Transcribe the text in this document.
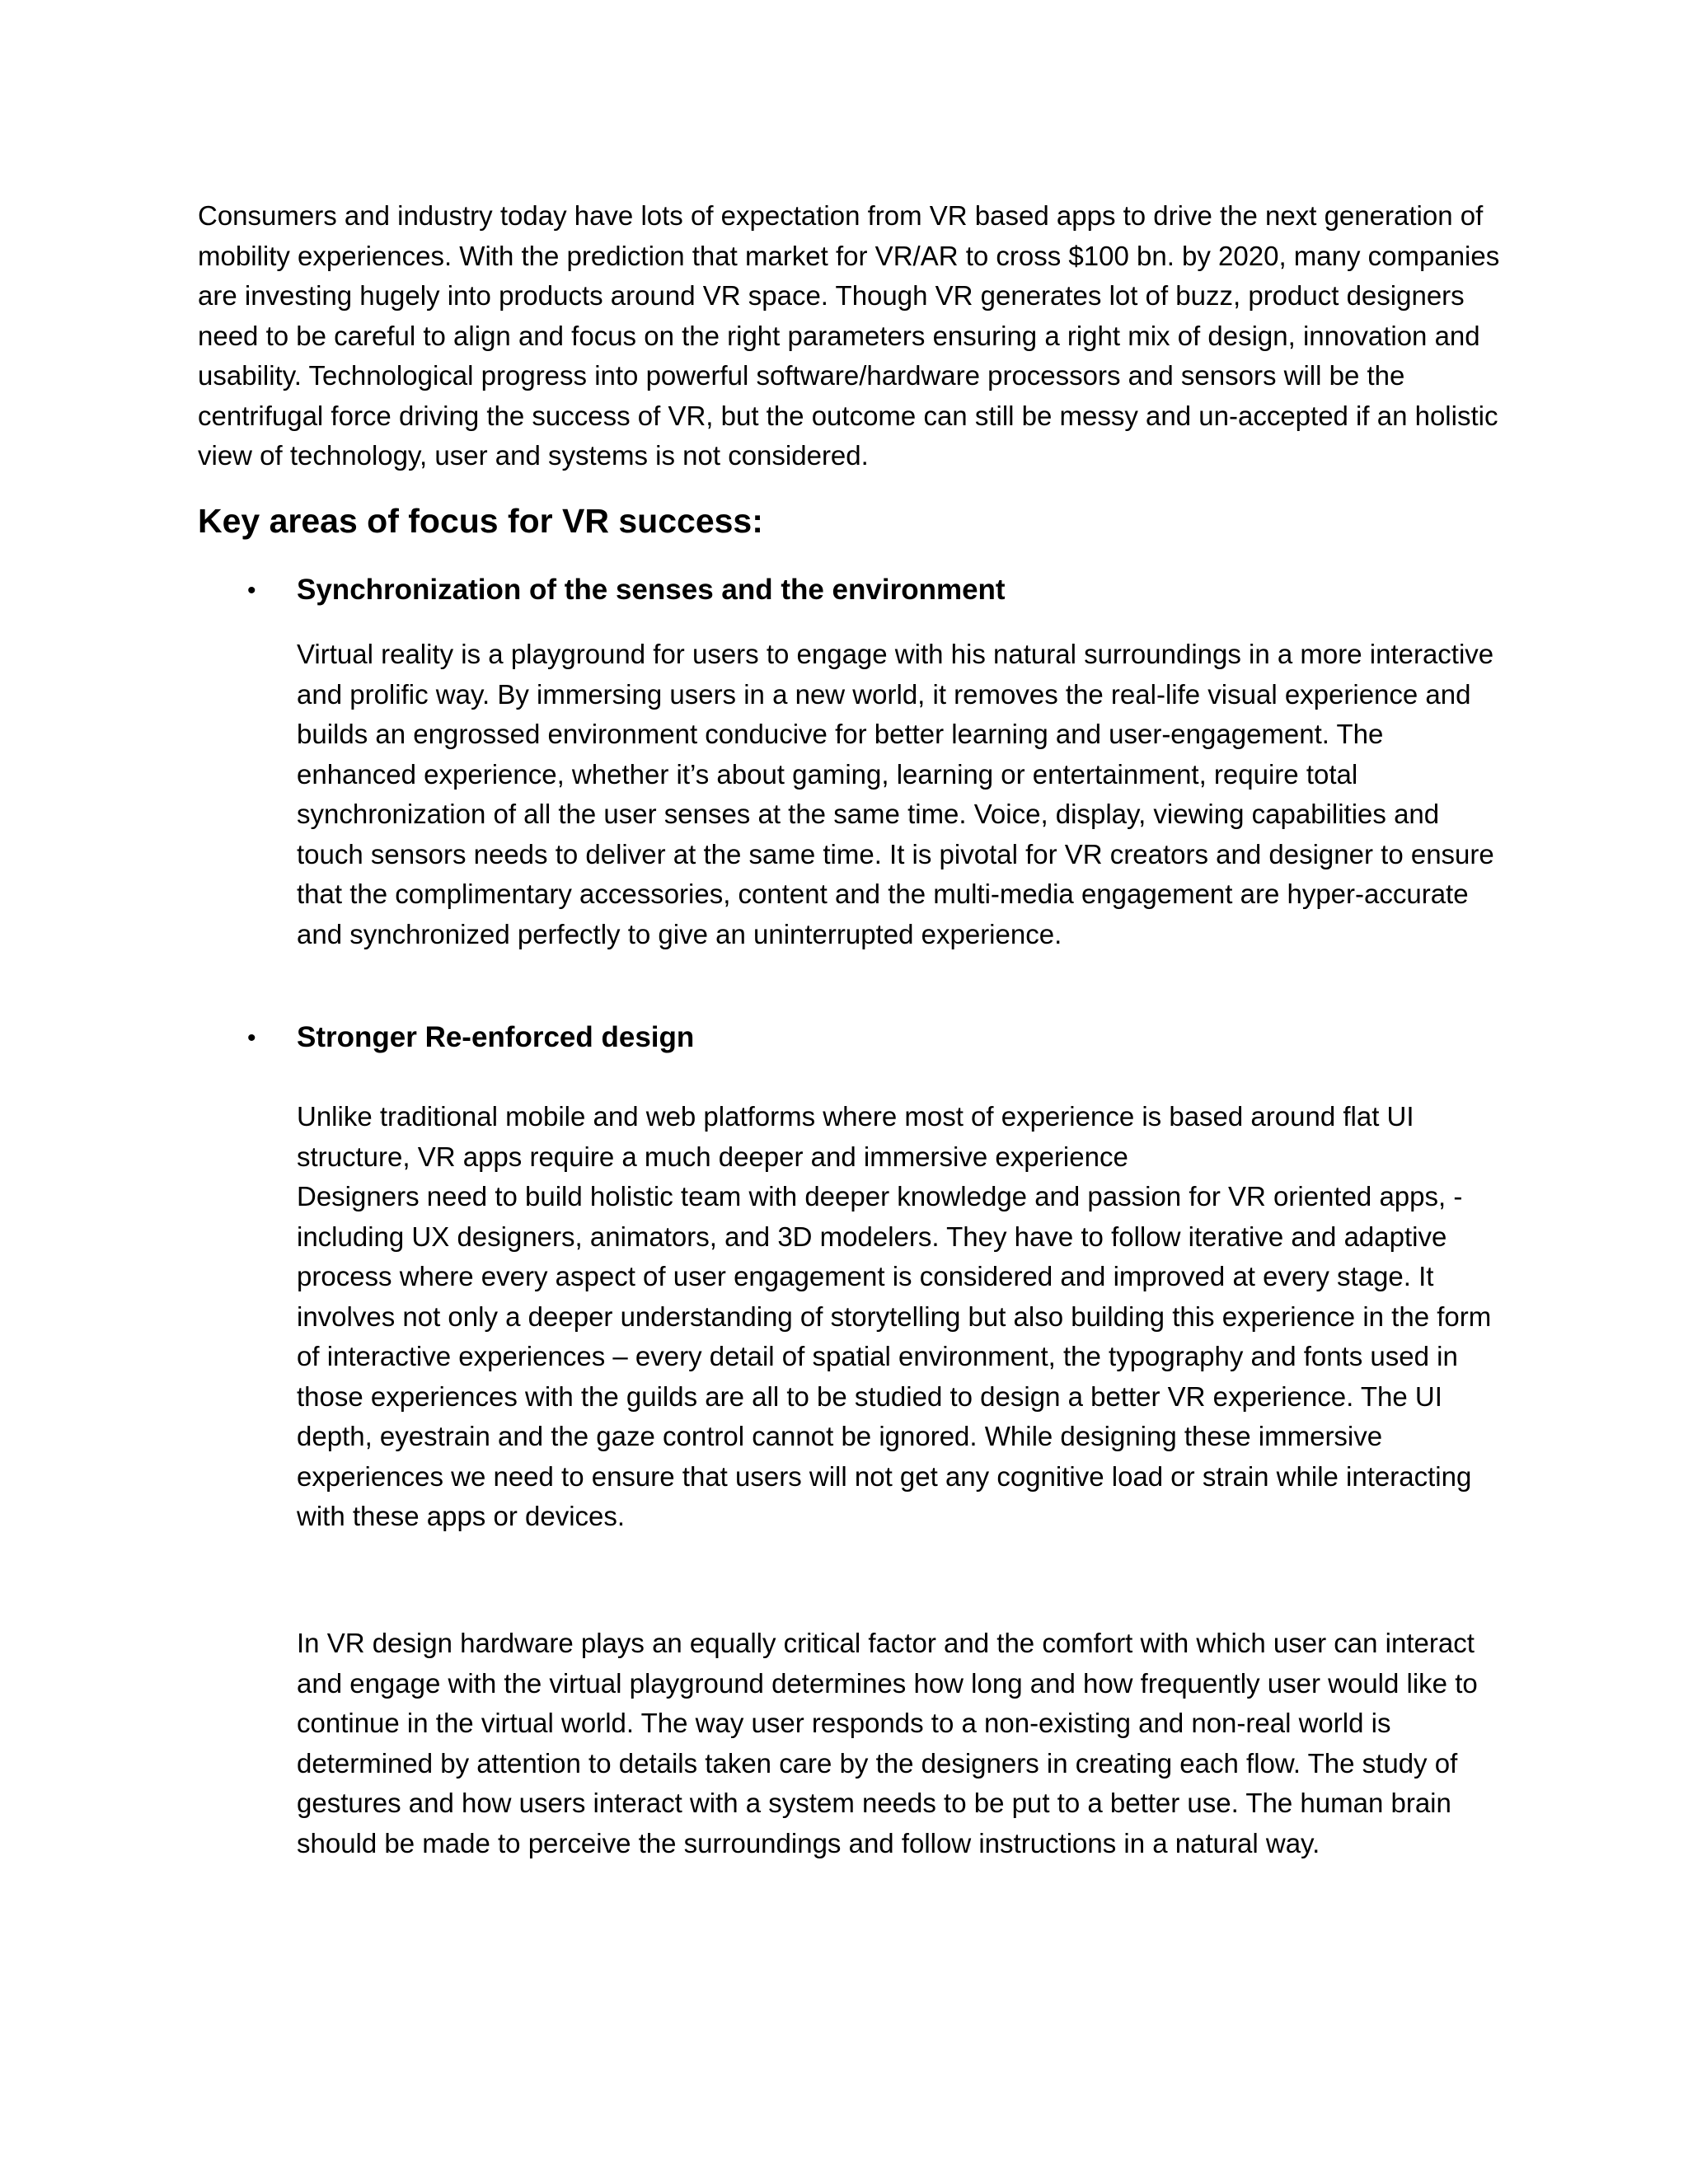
Consumers and industry today have lots of expectation from VR based apps to drive the next generation of mobility experiences. With the prediction that market for VR/AR to cross $100 bn. by 2020, many companies are investing hugely into products around VR space. Though VR generates lot of buzz, product designers need to be careful to align and focus on the right parameters ensuring a right mix of design, innovation and usability. Technological progress into powerful software/hardware processors and sensors will be the centrifugal force driving the success of VR, but the outcome can still be messy and un-accepted if an holistic view of technology, user and systems is not considered.

Key areas of focus for VR success:
• Synchronization of the senses and the environment

Virtual reality is a playground for users to engage with his natural surroundings in a more interactive and prolific way. By immersing users in a new world, it removes the real-life visual experience and builds an engrossed environment conducive for better learning and user-engagement. The enhanced experience, whether it’s about gaming, learning or entertainment, require total synchronization of all the user senses at the same time. Voice, display, viewing capabilities and touch sensors needs to deliver at the same time. It is pivotal for VR creators and designer to ensure that the complimentary accessories, content and the multi-media engagement are hyper-accurate and synchronized perfectly to give an uninterrupted experience.

• Stronger Re-enforced design

Unlike traditional mobile and web platforms where most of experience is based around flat UI structure, VR apps require a much deeper and immersive experience
Designers need to build holistic team with deeper knowledge and passion for VR oriented apps, - including UX designers, animators, and 3D modelers. They have to follow iterative and adaptive process where every aspect of user engagement is considered and improved at every stage. It involves not only a deeper understanding of storytelling but also building this experience in the form of interactive experiences – every detail of spatial environment, the typography and fonts used in those experiences with the guilds are all to be studied to design a better VR experience. The UI depth, eyestrain and the gaze control cannot be ignored. While designing these immersive experiences we need to ensure that users will not get any cognitive load or strain while interacting with these apps or devices.

In VR design hardware plays an equally critical factor and the comfort with which user can interact and engage with the virtual playground determines how long and how frequently user would like to continue in the virtual world. The way user responds to a non-existing and non-real world is determined by attention to details taken care by the designers in creating each flow. The study of gestures and how users interact with a system needs to be put to a better use. The human brain should be made to perceive the surroundings and follow instructions in a natural way.
